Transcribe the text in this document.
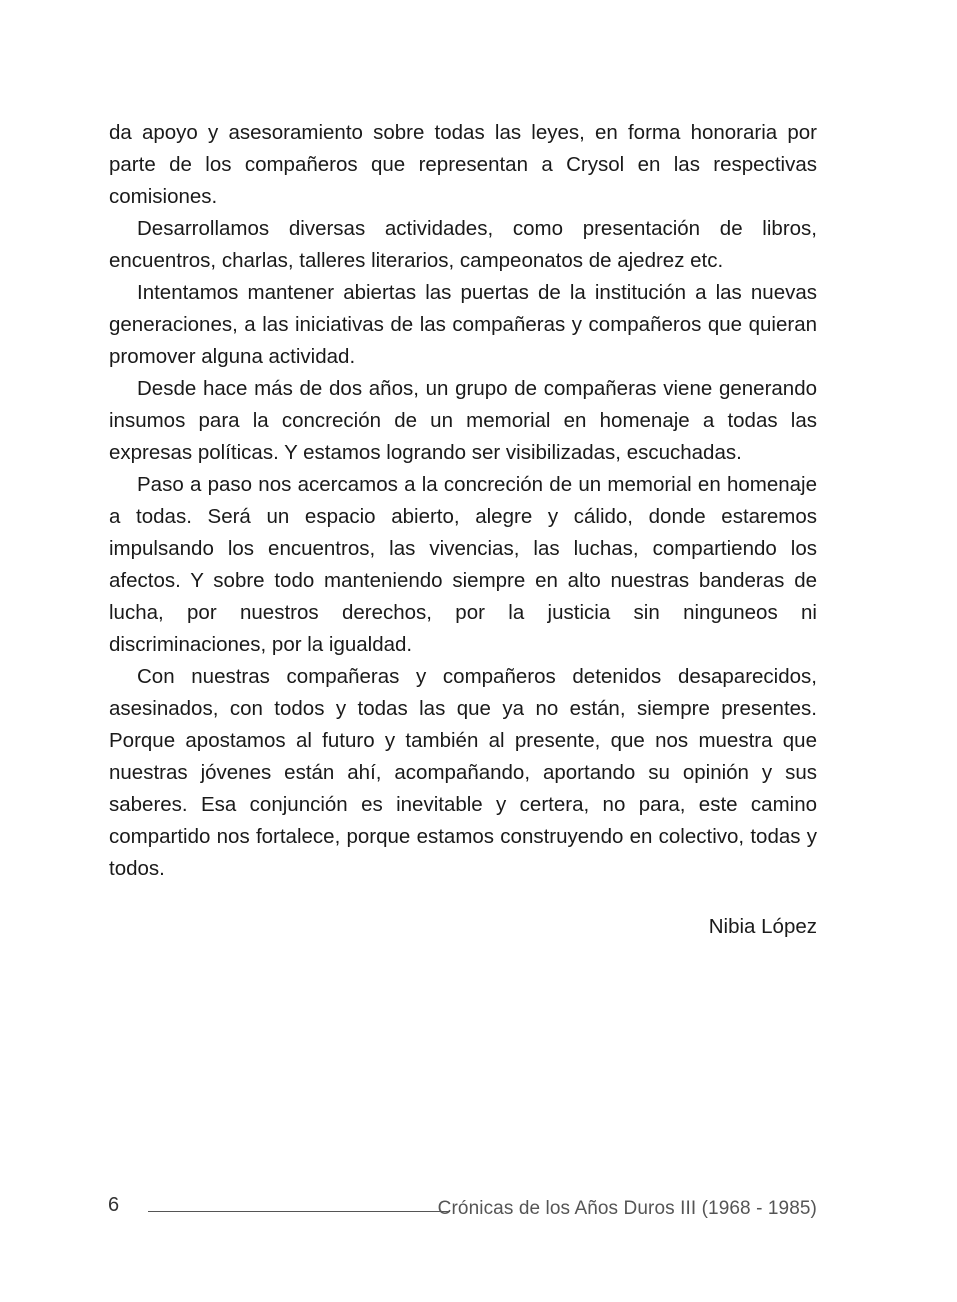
da apoyo y asesoramiento sobre todas las leyes, en forma honoraria por parte de los compañeros que representan a Crysol en las respectivas comisiones.

Desarrollamos diversas actividades, como presentación de libros, encuentros, charlas, talleres literarios, campeonatos de ajedrez etc.

Intentamos mantener abiertas las puertas de la institución a las nuevas generaciones, a las iniciativas de las compañeras y compañeros que quieran promover alguna actividad.

Desde hace más de dos años, un grupo de compañeras viene generando insumos para la concreción de un memorial en homenaje a todas las expresas políticas. Y estamos logrando ser visibilizadas, escuchadas.

Paso a paso nos acercamos a la concreción de un memorial en homenaje a todas. Será un espacio abierto, alegre y cálido, donde estaremos impulsando los encuentros, las vivencias, las luchas, compartiendo los afectos. Y sobre todo manteniendo siempre en alto nuestras banderas de lucha, por nuestros derechos, por la justicia sin ninguneos ni discriminaciones, por la igualdad.

Con nuestras compañeras y compañeros detenidos desaparecidos, asesinados, con todos y todas las que ya no están, siempre presentes. Porque apostamos al futuro y también al presente, que nos muestra que nuestras jóvenes están ahí, acompañando, aportando su opinión y sus saberes. Esa conjunción es inevitable y certera, no para, este camino compartido nos fortalece, porque estamos construyendo en colectivo, todas y todos.

Nibia López

6	Crónicas de los Años Duros III (1968 - 1985)
